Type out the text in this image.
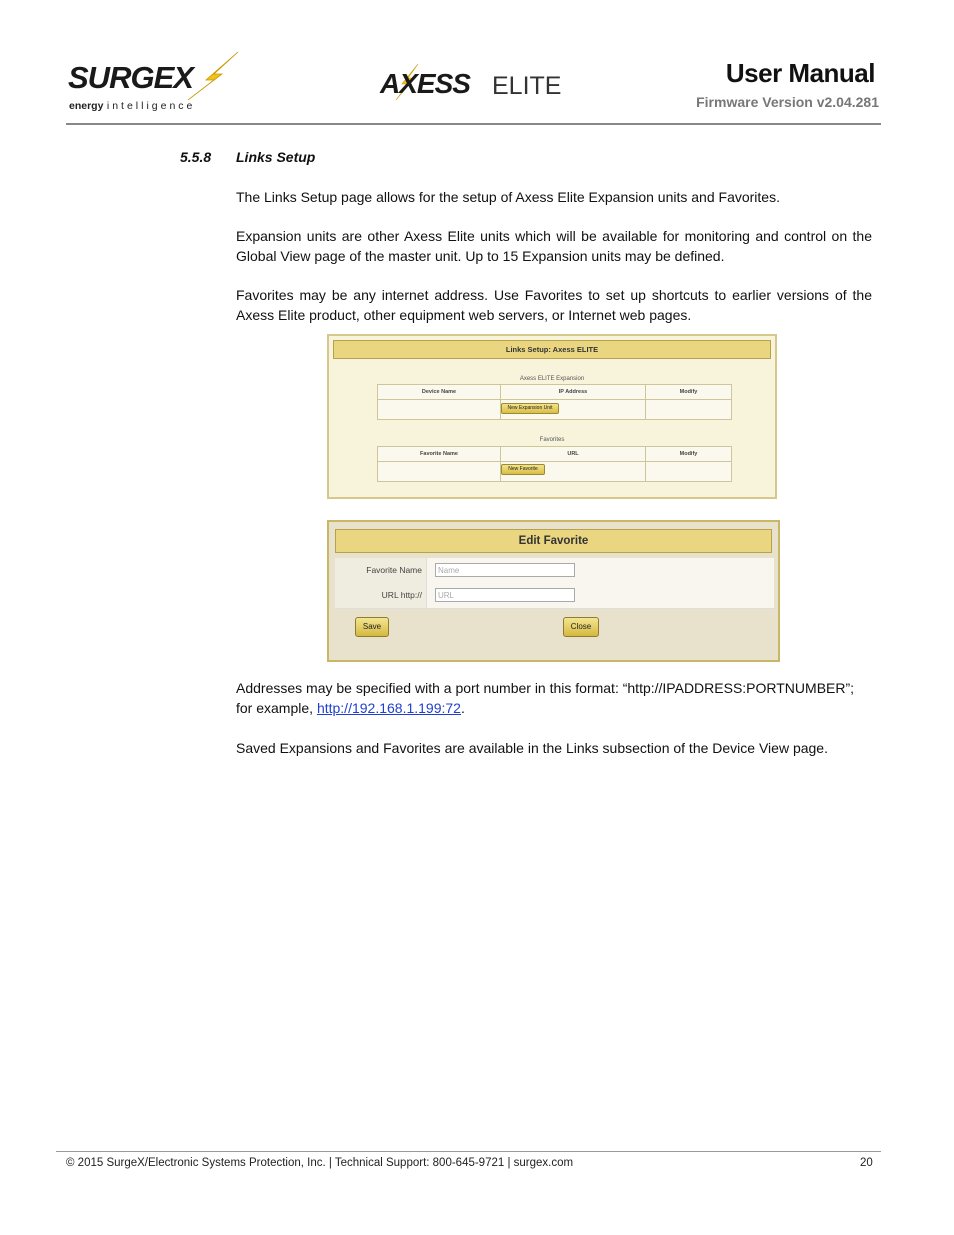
SURGEX
energy intelligence
AXESS ELITE	User Manual
Firmware Version v2.04.281
5.5.8 Links Setup
The Links Setup page allows for the setup of Axess Elite Expansion units and Favorites.
Expansion units are other Axess Elite units which will be available for monitoring and control on the Global View page of the master unit. Up to 15 Expansion units may be defined.
Favorites may be any internet address. Use Favorites to set up shortcuts to earlier versions of the Axess Elite product, other equipment web servers, or Internet web pages.
Links Setup: Axess ELITE
Axess ELITE Expansion
Device Name	IP Address	Modify
New Expansion Unit
Favorites
Favorite Name	URL	Modify
New Favorite
Edit Favorite
Favorite Name	Name
URL http://	URL
Save	Close
Addresses may be specified with a port number in this format: “http://IPADDRESS:PORTNUMBER”; for example, http://192.168.1.199:72.
Saved Expansions and Favorites are available in the Links subsection of the Device View page.
© 2015 SurgeX/Electronic Systems Protection, Inc. | Technical Support: 800-645-9721 | surgex.com	20
